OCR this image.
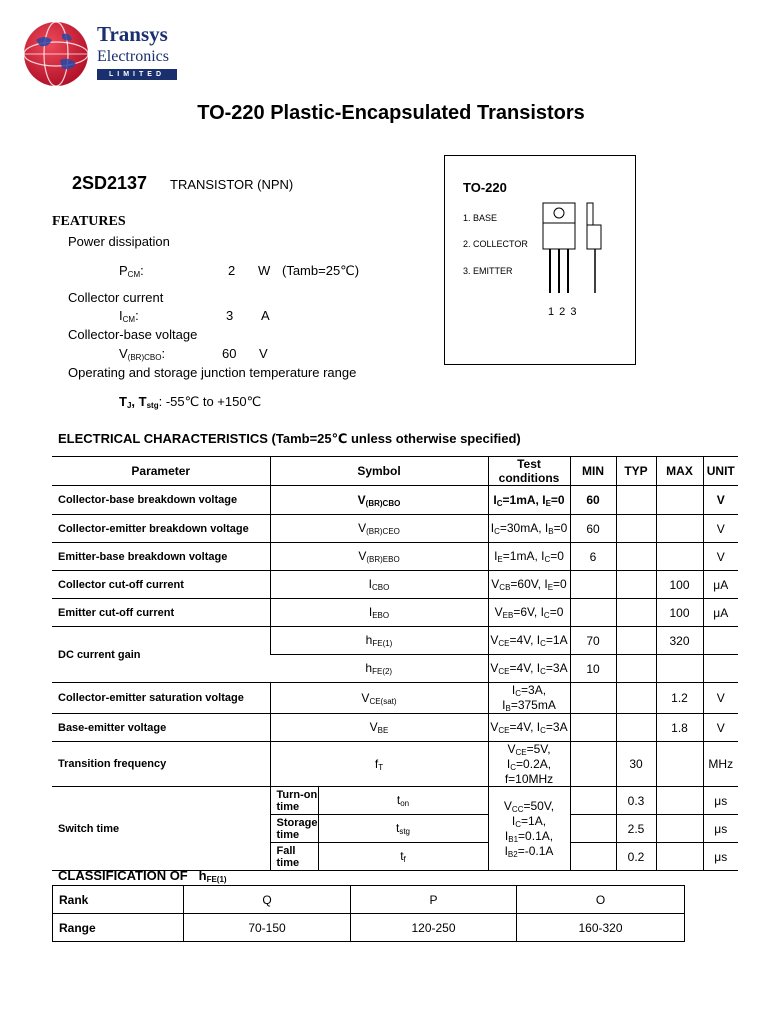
Transys
Electronics
LIMITED
TO-220 Plastic-Encapsulated Transistors
2SD2137 TRANSISTOR (NPN)
FEATURES
Power dissipation
$P_{CM}$:	2 W (Tamb=25℃)
Collector current
$I_{CM}$:	3 A
Collector-base voltage
$V_{(BR)CBO}$:	60 V
Operating and storage junction temperature range
$T_J$, $T_{stg}$: -55℃ to +150℃
TO-220
1. BASE
2. COLLECTOR
3. EMITTER
1 2 3
ELECTRICAL CHARACTERISTICS (Tamb=25℃ unless otherwise specified)
Parameter	Symbol		Test conditions	MIN	TYP	MAX	UNIT
Collector-base breakdown voltage	$V_{(BR)CBO}$		$I_C=1mA$, $I_E=0$	60			V
Collector-emitter breakdown voltage	$V_{(BR)CEO}$		$I_C=30mA$, $I_B=0$	60			V
Emitter-base breakdown voltage	$V_{(BR)EBO}$		$I_E=1mA$, $I_C=0$	6			V
Collector cut-off current	$I_{CBO}$		$V_{CB}=60V$, $I_E=0$			100	μA
Emitter cut-off current	$I_{EBO}$		$V_{EB}=6V$, $I_C=0$			100	μA
DC current gain	$h_{FE(1)}$		$V_{CE}=4V$, $I_C=1A$	70		320	
	$h_{FE(2)}$		$V_{CE}=4V$, $I_C=3A$	10			
Collector-emitter saturation voltage	$V_{CE(sat)}$		$I_C=3A$, $I_B=375mA$			1.2	V
Base-emitter voltage	$V_{BE}$		$V_{CE}=4V$, $I_C=3A$			1.8	V
Transition frequency	$f_T$		$V_{CE}=5V$, $I_C=0.2A$, f=10MHz		30		MHz
Switch time	Turn-on time	$t_{on}$	$V_{CC}=50V$, $I_C=1A$, $I_{B1}=0.1A$, $I_{B2}=-0.1A$		0.3		μs
	Storage time	$t_{stg}$			2.5		μs
	Fall time	$t_f$			0.2		μs
CLASSIFICATION OF $h_{FE(1)}$
Rank	Q	P	O
Range	70-150	120-250	160-320
